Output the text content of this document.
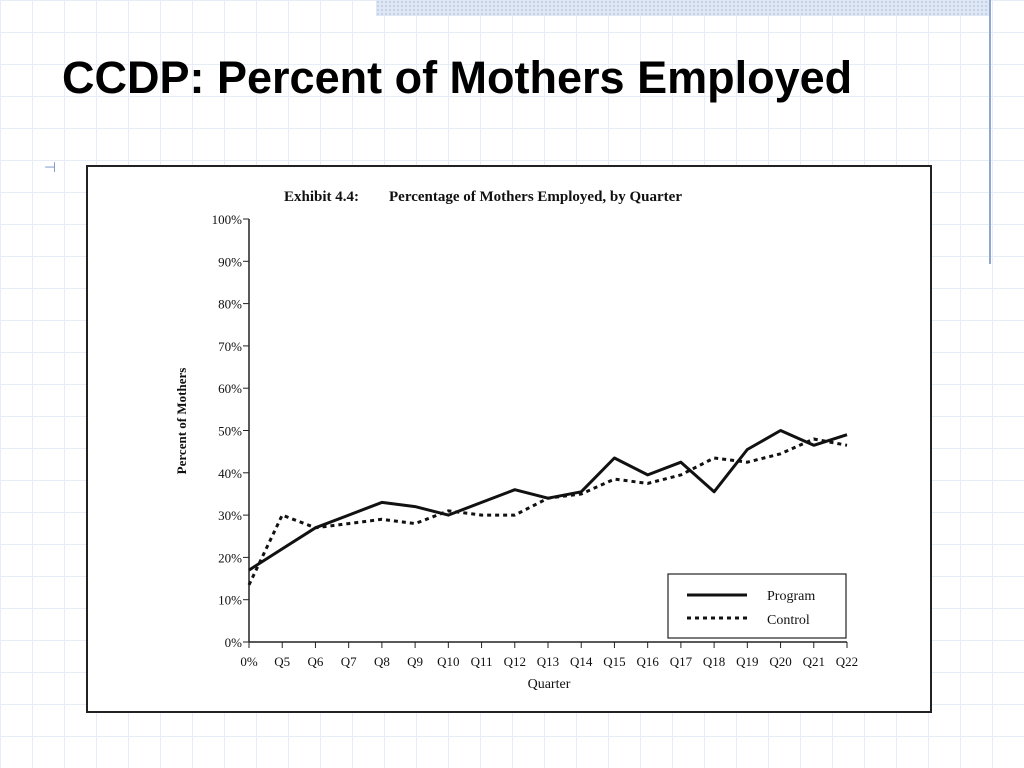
CCDP: Percent of Mothers Employed
⊣
Exhibit 4.4: Percentage of Mothers Employed, by Quarter
Percent of Mothers
Quarter
0%
10%
20%
30%
40%
50%
60%
70%
80%
90%
100%
0% Q5 Q6 Q7 Q8 Q9 Q10 Q11 Q12 Q13 Q14 Q15 Q16 Q17 Q18 Q19 Q20 Q21 Q22
Program
Control
